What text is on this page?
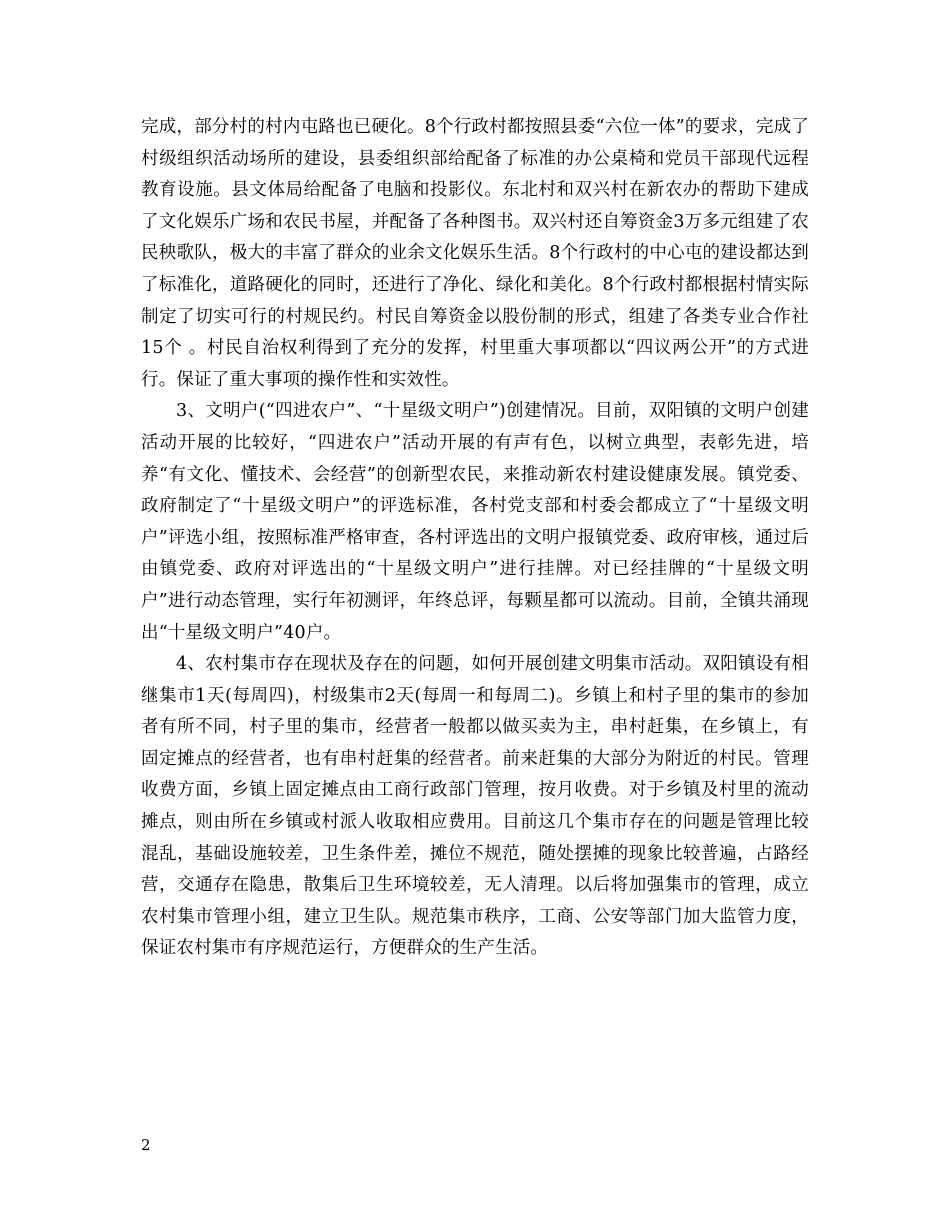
完成，部分村的村内屯路也已硬化。8个行政村都按照县委“六位一体”的要求，完成了村级组织活动场所的建设，县委组织部给配备了标准的办公桌椅和党员干部现代远程教育设施。县文体局给配备了电脑和投影仪。东北村和双兴村在新农办的帮助下建成了文化娱乐广场和农民书屋，并配备了各种图书。双兴村还自筹资金3万多元组建了农民秧歌队，极大的丰富了群众的业余文化娱乐生活。8个行政村的中心屯的建设都达到了标准化，道路硬化的同时，还进行了净化、绿化和美化。8个行政村都根据村情实际制定了切实可行的村规民约。村民自筹资金以股份制的形式，组建了各类专业合作社15个 。村民自治权利得到了充分的发挥，村里重大事项都以“四议两公开”的方式进行。保证了重大事项的操作性和实效性。

3、文明户(“四进农户”、“十星级文明户”)创建情况。目前，双阳镇的文明户创建活动开展的比较好，“四进农户”活动开展的有声有色，以树立典型，表彰先进，培养“有文化、懂技术、会经营”的创新型农民，来推动新农村建设健康发展。镇党委、政府制定了“十星级文明户”的评选标准，各村党支部和村委会都成立了“十星级文明户”评选小组，按照标准严格审查，各村评选出的文明户报镇党委、政府审核，通过后由镇党委、政府对评选出的“十星级文明户”进行挂牌。对已经挂牌的“十星级文明户”进行动态管理，实行年初测评，年终总评，每颗星都可以流动。目前，全镇共涌现出“十星级文明户”40户。

4、农村集市存在现状及存在的问题，如何开展创建文明集市活动。双阳镇设有相继集市1天(每周四)，村级集市2天(每周一和每周二)。乡镇上和村子里的集市的参加者有所不同，村子里的集市，经营者一般都以做买卖为主，串村赶集，在乡镇上，有固定摊点的经营者，也有串村赶集的经营者。前来赶集的大部分为附近的村民。管理收费方面，乡镇上固定摊点由工商行政部门管理，按月收费。对于乡镇及村里的流动摊点，则由所在乡镇或村派人收取相应费用。目前这几个集市存在的问题是管理比较混乱，基础设施较差，卫生条件差，摊位不规范，随处摆摊的现象比较普遍，占路经营，交通存在隐患，散集后卫生环境较差，无人清理。以后将加强集市的管理，成立农村集市管理小组，建立卫生队。规范集市秩序，工商、公安等部门加大监管力度，保证农村集市有序规范运行，方便群众的生产生活。

2
